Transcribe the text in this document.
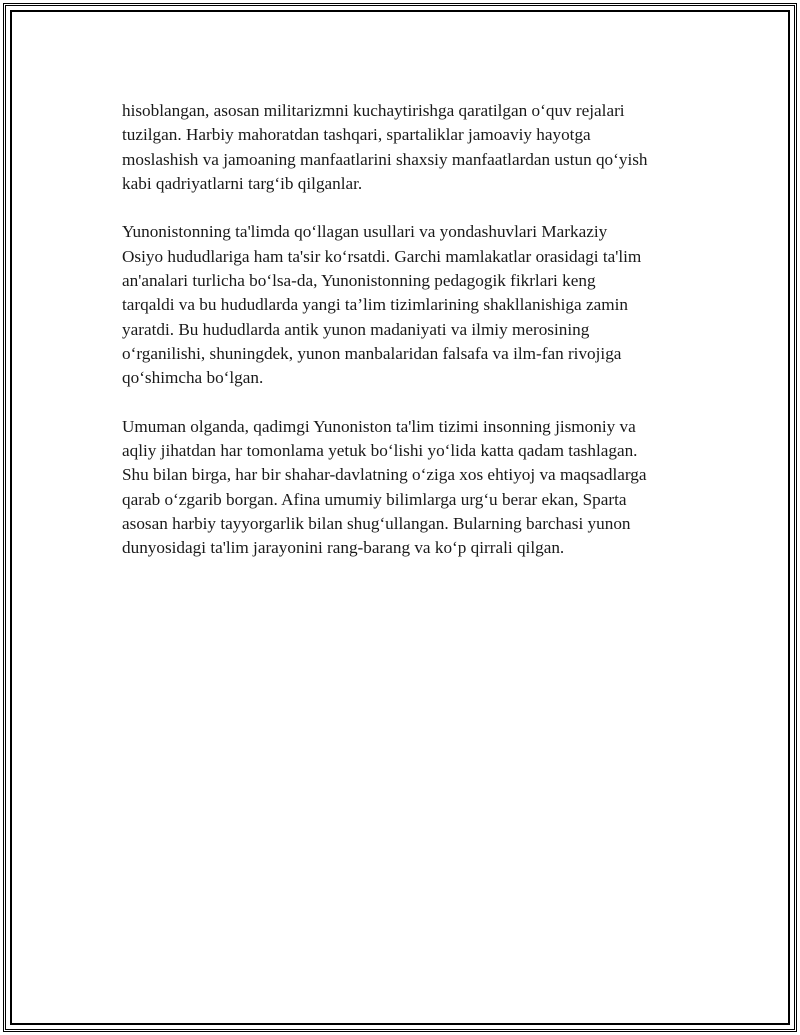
hisoblangan, asosan militarizmni kuchaytirishga qaratilgan o‘quv rejalari
tuzilgan. Harbiy mahoratdan tashqari, spartaliklar jamoaviy hayotga
moslashish va jamoaning manfaatlarini shaxsiy manfaatlardan ustun qo‘yish
kabi qadriyatlarni targ‘ib qilganlar.

Yunonistonning ta'limda qo‘llagan usullari va yondashuvlari Markaziy
Osiyo hududlariga ham ta'sir ko‘rsatdi. Garchi mamlakatlar orasidagi ta'lim
an'analari turlicha bo‘lsa-da, Yunonistonning pedagogik fikrlari keng
tarqaldi va bu hududlarda yangi ta’lim tizimlarining shakllanishiga zamin
yaratdi. Bu hududlarda antik yunon madaniyati va ilmiy merosining
o‘rganilishi, shuningdek, yunon manbalaridan falsafa va ilm-fan rivojiga
qo‘shimcha bo‘lgan.

Umuman olganda, qadimgi Yunoniston ta'lim tizimi insonning jismoniy va
aqliy jihatdan har tomonlama yetuk bo‘lishi yo‘lida katta qadam tashlagan.
Shu bilan birga, har bir shahar-davlatning o‘ziga xos ehtiyoj va maqsadlarga
qarab o‘zgarib borgan. Afina umumiy bilimlarga urg‘u berar ekan, Sparta
asosan harbiy tayyorgarlik bilan shug‘ullangan. Bularning barchasi yunon
dunyosidagi ta'lim jarayonini rang-barang va ko‘p qirrali qilgan.
